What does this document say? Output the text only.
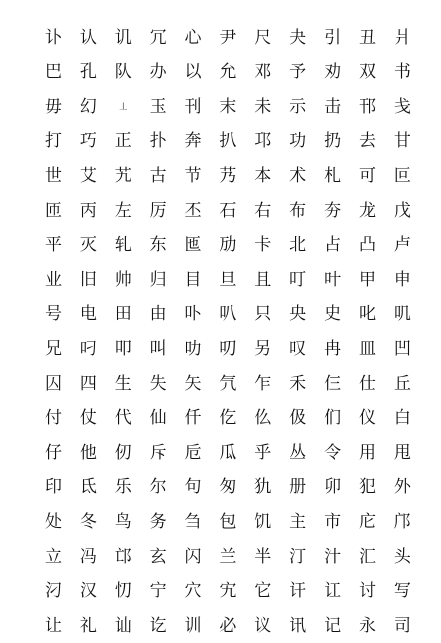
讣	认	讥	冗	心	尹	尺	夬	引	丑	爿
巴	孔	队	办	以	允	邓	予	劝	双	书
毋	幻	丄	玉	刊	末	未	示	击	邗	戋
打	巧	正	扑	奔	扒	邛	功	扔	去	甘
世	艾	艽	古	节	艿	本	术	札	可	叵
匝	丙	左	厉	丕	石	右	布	夯	龙	戊
平	灭	轧	东	匜	劢	卡	北	占	凸	卢
业	旧	帅	归	目	旦	且	叮	叶	甲	申
号	电	田	由	卟	叭	只	央	史	叱	叽
兄	叼	叩	叫	叻	叨	另	叹	冉	皿	凹
囚	四	生	失	矢	氕	乍	禾	仨	仕	丘
付	仗	代	仙	仟	仡	仫	伋	们	仪	白
仔	他	仞	斥	卮	瓜	乎	丛	令	用	甩
印	氐	乐	尔	句	匆	犰	册	卯	犯	外
处	冬	鸟	务	刍	包	饥	主	市	庀	邝
立	冯	邙	玄	闪	兰	半	汀	汁	汇	头
汈	汉	忉	宁	穴	宄	它	讦	讧	讨	写
让	礼	讪	讫	训	必	议	讯	记	永	司
